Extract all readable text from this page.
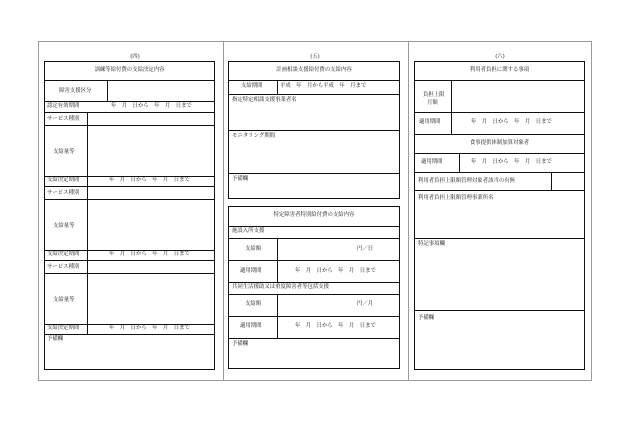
(四)	(五)	(六)
訓練等給付費の支給決定内容
障害支援区分
認定有効期間	年　月　日から　年　月　日まで
サービス種別
支給量等
支給決定期間	年　月　日から　年　月　日まで
サービス種別
支給量等
支給決定期間	年　月　日から　年　月　日まで
サービス種別
支給量等
支給決定期間	年　月　日から　年　月　日まで
予備欄
計画相談支援給付費の支給内容
支給期間	平成　年　月から平成　年　月まで
指定特定相談支援事業者名
モニタリング期間
予備欄
特定障害者特別給付費の支給内容
施設入所支援
支給額	円／日
適用期間	年　月　日から　年　月　日まで
共同生活援助又は重度障害者等包括支援
支給額	円／月
適用期間	年　月　日から　年　月　日まで
予備欄
利用者負担に関する事項
負担上限
月額
適用期間	年　月　日から　年　月　日まで
食事提供体制加算対象者
適用期間	年　月　日から　年　月　日まで
利用者負担上限額管理対象者該当の有無
利用者負担上限額管理事業所名
特記事項欄
予備欄
